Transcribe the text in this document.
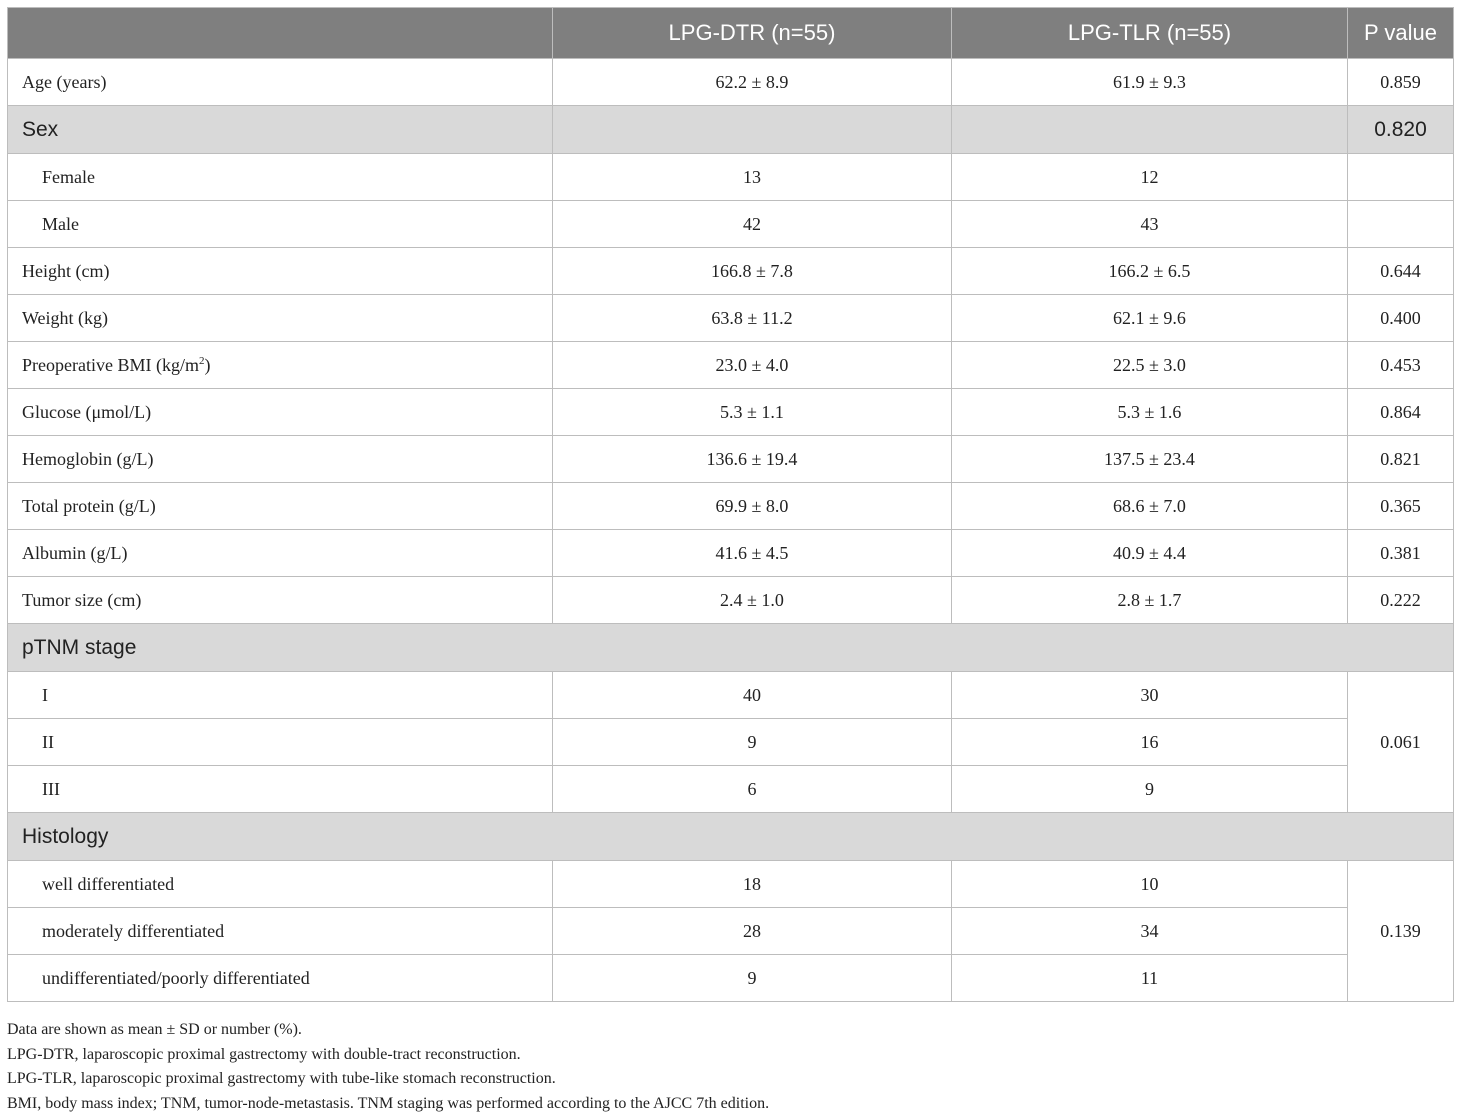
	LPG-DTR (n=55)	LPG-TLR (n=55)	P value
Age (years)	62.2 ± 8.9	61.9 ± 9.3	0.859
Sex			0.820
Female	13	12	
Male	42	43	
Height (cm)	166.8 ± 7.8	166.2 ± 6.5	0.644
Weight (kg)	63.8 ± 11.2	62.1 ± 9.6	0.400
Preoperative BMI $(kg/m^2)$	23.0 ± 4.0	22.5 ± 3.0	0.453
Glucose (μmol/L)	5.3 ± 1.1	5.3 ± 1.6	0.864
Hemoglobin (g/L)	136.6 ± 19.4	137.5 ± 23.4	0.821
Total protein (g/L)	69.9 ± 8.0	68.6 ± 7.0	0.365
Albumin (g/L)	41.6 ± 4.5	40.9 ± 4.4	0.381
Tumor size (cm)	2.4 ± 1.0	2.8 ± 1.7	0.222
pTNM stage			
I	40	30	0.061
II	9	16	
III	6	9	
Histology			
well differentiated	18	10	0.139
moderately differentiated	28	34	
undifferentiated/poorly differentiated	9	11	
Data are shown as mean ± SD or number (%).
LPG-DTR, laparoscopic proximal gastrectomy with double-tract reconstruction.
LPG-TLR, laparoscopic proximal gastrectomy with tube-like stomach reconstruction.
BMI, body mass index; TNM, tumor-node-metastasis. TNM staging was performed according to the AJCC 7th edition.
